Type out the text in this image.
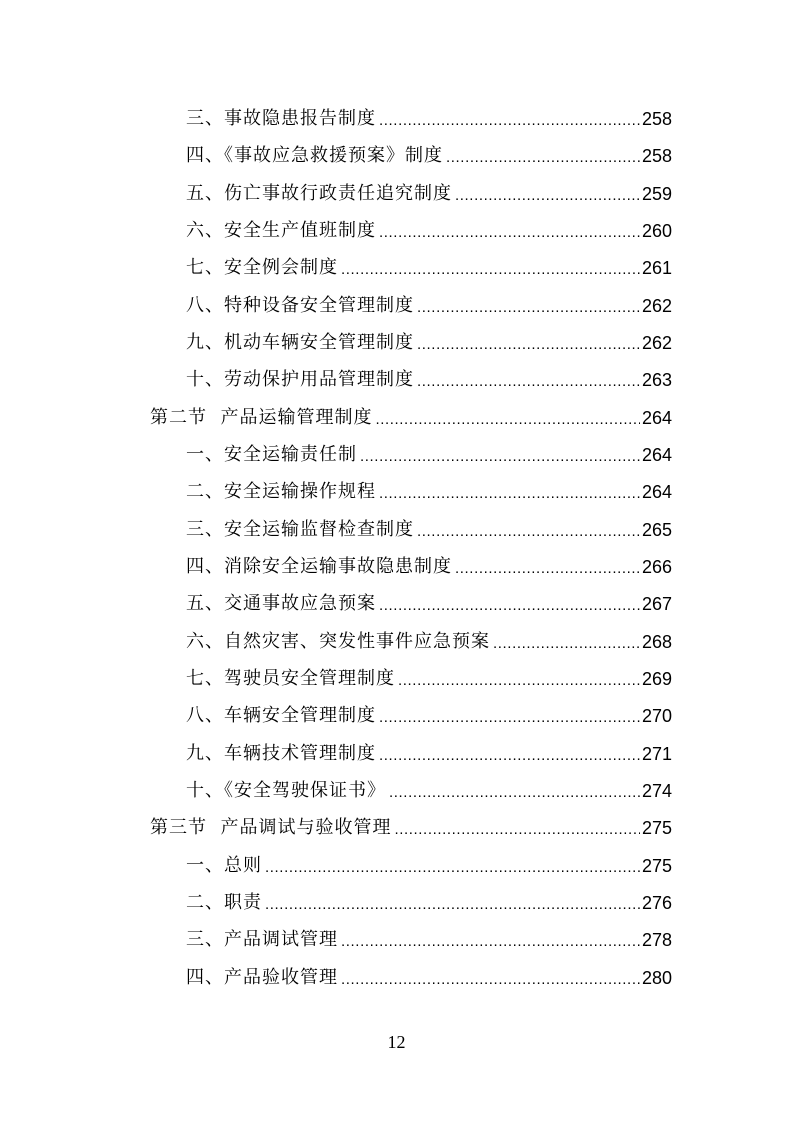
三、事故隐患报告制度 .....	258
四、《事故应急救援预案》制度 .....	258
五、伤亡事故行政责任追究制度 .....	259
六、安全生产值班制度 .....	260
七、安全例会制度 .....	261
八、特种设备安全管理制度 .....	262
九、机动车辆安全管理制度 .....	262
十、劳动保护用品管理制度 .....	263
第二节  产品运输管理制度 .....	264
一、安全运输责任制 .....	264
二、安全运输操作规程 .....	264
三、安全运输监督检查制度 .....	265
四、消除安全运输事故隐患制度 .....	266
五、交通事故应急预案 .....	267
六、自然灾害、突发性事件应急预案 .....	268
七、驾驶员安全管理制度 .....	269
八、车辆安全管理制度 .....	270
九、车辆技术管理制度 .....	271
十、《安全驾驶保证书》 .....	274
第三节  产品调试与验收管理 .....	275
一、总则 .....	275
二、职责 .....	276
三、产品调试管理 .....	278
四、产品验收管理 .....	280
12
